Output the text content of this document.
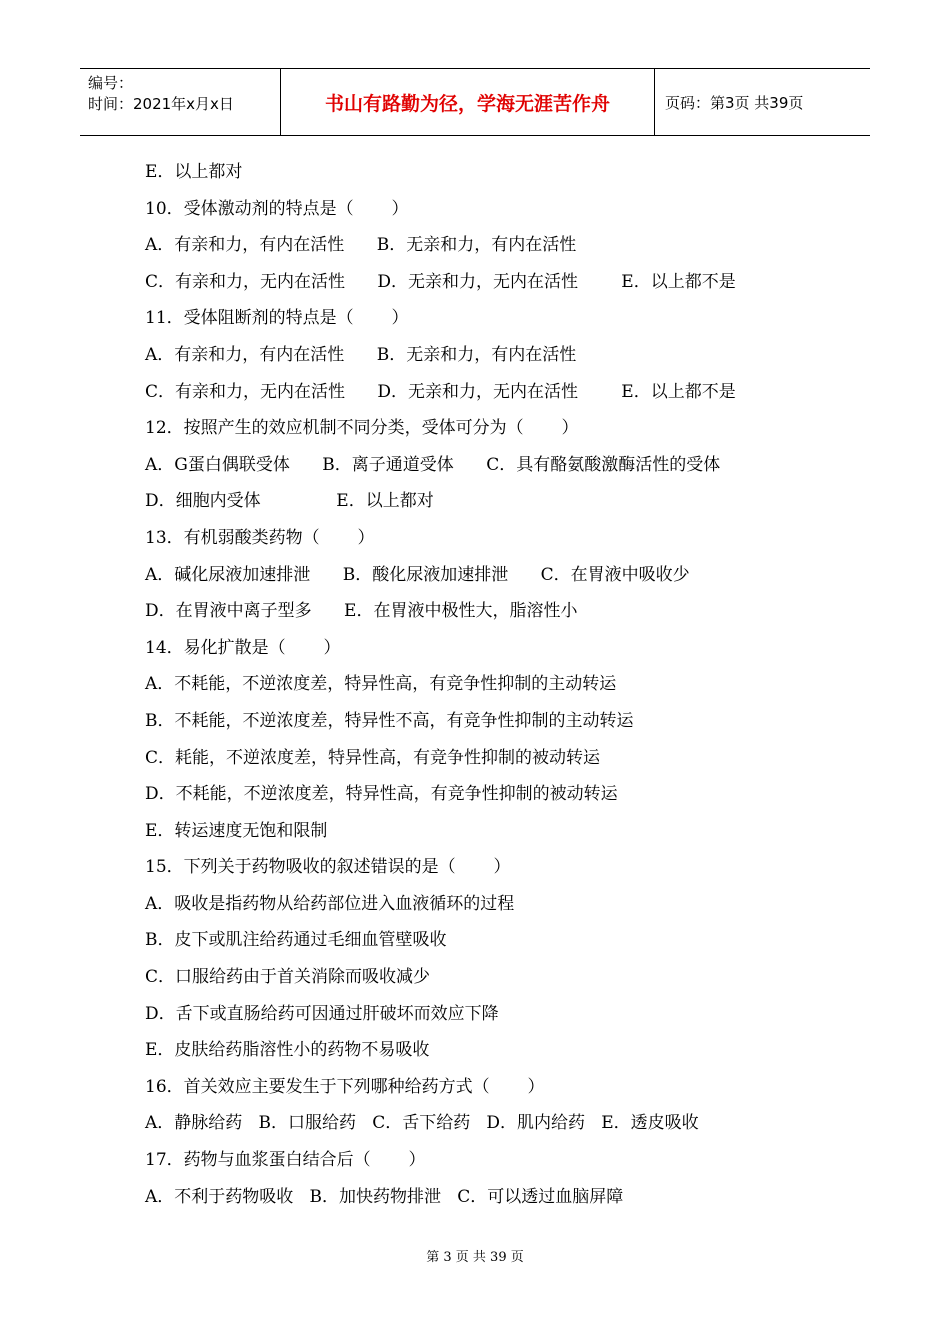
编号：
时间：2021年x月x日	书山有路勤为径，学海无涯苦作舟	页码：第3页 共39页
E．以上都对
10．受体激动剂的特点是（       ）
A．有亲和力，有内在活性      B．无亲和力，有内在活性
C．有亲和力，无内在活性      D．无亲和力，无内在活性        E．以上都不是
11．受体阻断剂的特点是（       ）
A．有亲和力，有内在活性      B．无亲和力，有内在活性
C．有亲和力，无内在活性      D．无亲和力，无内在活性        E．以上都不是
12．按照产生的效应机制不同分类，受体可分为（       ）
A．G蛋白偶联受体      B．离子通道受体      C．具有酪氨酸激酶活性的受体
D．细胞内受体              E．以上都对
13．有机弱酸类药物（       ）
A．碱化尿液加速排泄      B．酸化尿液加速排泄      C．在胃液中吸收少
D．在胃液中离子型多      E．在胃液中极性大，脂溶性小
14．易化扩散是（       ）
A．不耗能，不逆浓度差，特异性高，有竞争性抑制的主动转运
B．不耗能，不逆浓度差，特异性不高，有竞争性抑制的主动转运
C．耗能，不逆浓度差，特异性高，有竞争性抑制的被动转运
D．不耗能，不逆浓度差，特异性高，有竞争性抑制的被动转运
E．转运速度无饱和限制
15．下列关于药物吸收的叙述错误的是（       ）
A．吸收是指药物从给药部位进入血液循环的过程
B．皮下或肌注给药通过毛细血管壁吸收
C．口服给药由于首关消除而吸收减少
D．舌下或直肠给药可因通过肝破坏而效应下降
E．皮肤给药脂溶性小的药物不易吸收
16．首关效应主要发生于下列哪种给药方式（       ）
A．静脉给药   B．口服给药   C．舌下给药   D．肌内给药   E．透皮吸收
17．药物与血浆蛋白结合后（       ）
A．不利于药物吸收   B．加快药物排泄   C．可以透过血脑屏障
第 3 页 共 39 页
